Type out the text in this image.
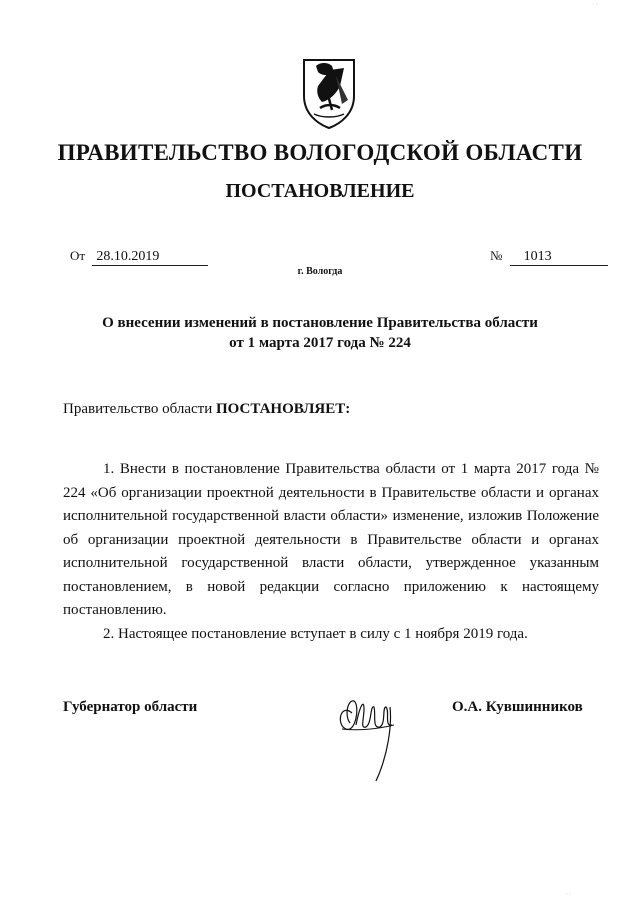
ПРАВИТЕЛЬСТВО ВОЛОГОДСКОЙ ОБЛАСТИ
ПОСТАНОВЛЕНИЕ
От 28.10.2019	№ 1013
г. Вологда
О внесении изменений в постановление Правительства области
от 1 марта 2017 года № 224
Правительство области ПОСТАНОВЛЯЕТ:

1. Внести в постановление Правительства области от 1 марта 2017 года № 224 «Об организации проектной деятельности в Правительстве области и органах исполнительной государственной власти области» изменение, изложив Положение об организации проектной деятельности в Правительстве области и органах исполнительной государственной власти области, утвержденное указанным постановлением, в новой редакции согласно приложению к настоящему постановлению.

2. Настоящее постановление вступает в силу с 1 ноября 2019 года.

Губернатор области	О.А. Кувшинников
· ·
· ·
